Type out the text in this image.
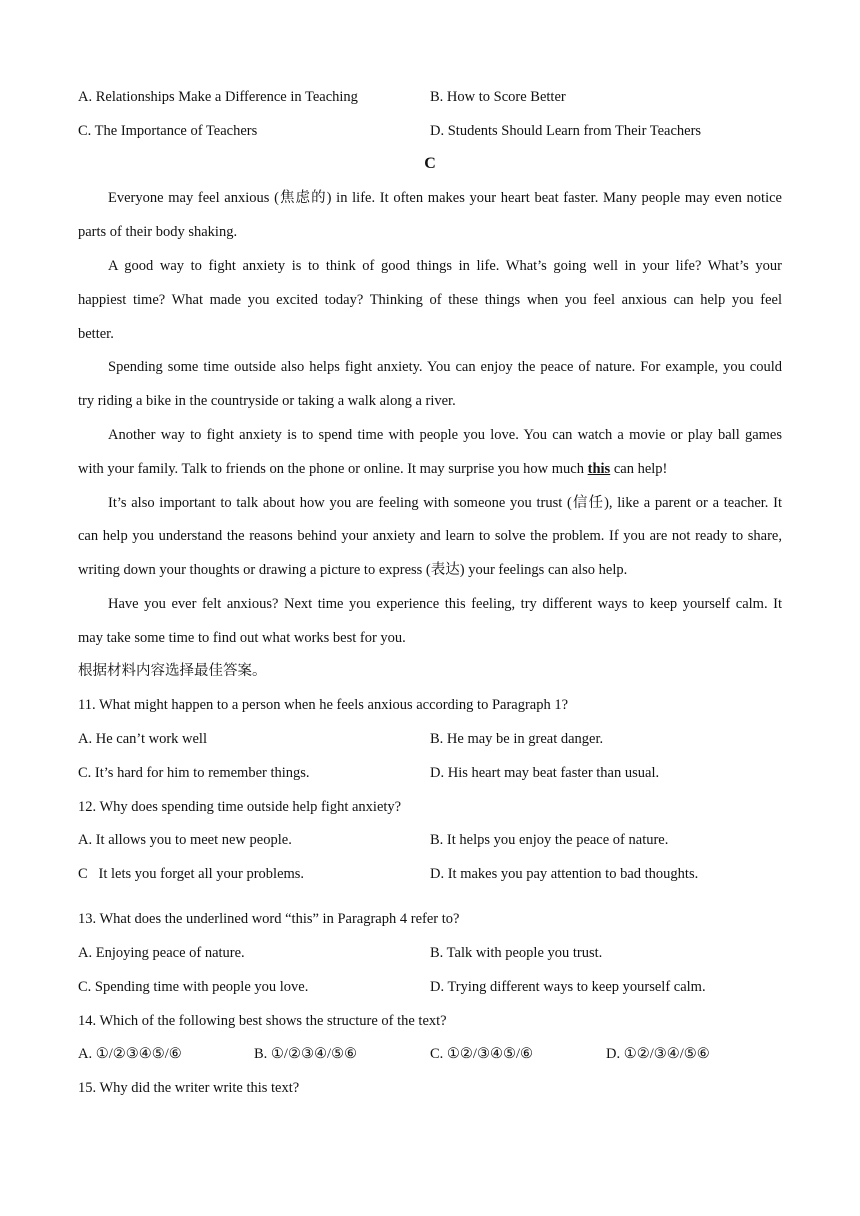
A. Relationships Make a Difference in Teaching	B. How to Score Better
C. The Importance of Teachers	D. Students Should Learn from Their Teachers
C
Everyone may feel anxious (焦虑的) in life. It often makes your heart beat faster. Many people may even notice
parts of their body shaking.
A good way to fight anxiety is to think of good things in life. What’s going well in your life? What’s your
happiest time? What made you excited today? Thinking of these things when you feel anxious can help you feel
better.
Spending some time outside also helps fight anxiety. You can enjoy the peace of nature. For example, you could
try riding a bike in the countryside or taking a walk along a river.
Another way to fight anxiety is to spend time with people you love. You can watch a movie or play ball games
with your family. Talk to friends on the phone or online. It may surprise you how much this can help!
It’s also important to talk about how you are feeling with someone you trust (信任), like a parent or a teacher. It
can help you understand the reasons behind your anxiety and learn to solve the problem. If you are not ready to share,
writing down your thoughts or drawing a picture to express (表达) your feelings can also help.
Have you ever felt anxious? Next time you experience this feeling, try different ways to keep yourself calm. It
may take some time to find out what works best for you.
根据材料内容选择最佳答案。
11. What might happen to a person when he feels anxious according to Paragraph 1?
A. He can’t work well	B. He may be in great danger.
C. It’s hard for him to remember things.	D. His heart may beat faster than usual.
12. Why does spending time outside help fight anxiety?
A. It allows you to meet new people.	B. It helps you enjoy the peace of nature.
C   It lets you forget all your problems.	D. It makes you pay attention to bad thoughts.
13. What does the underlined word “this” in Paragraph 4 refer to?
A. Enjoying peace of nature.	B. Talk with people you trust.
C. Spending time with people you love.	D. Trying different ways to keep yourself calm.
14. Which of the following best shows the structure of the text?
A. ①/②③④⑤/⑥	B. ①/②③④/⑤⑥	C. ①②/③④⑤/⑥	D. ①②/③④/⑤⑥
15. Why did the writer write this text?
